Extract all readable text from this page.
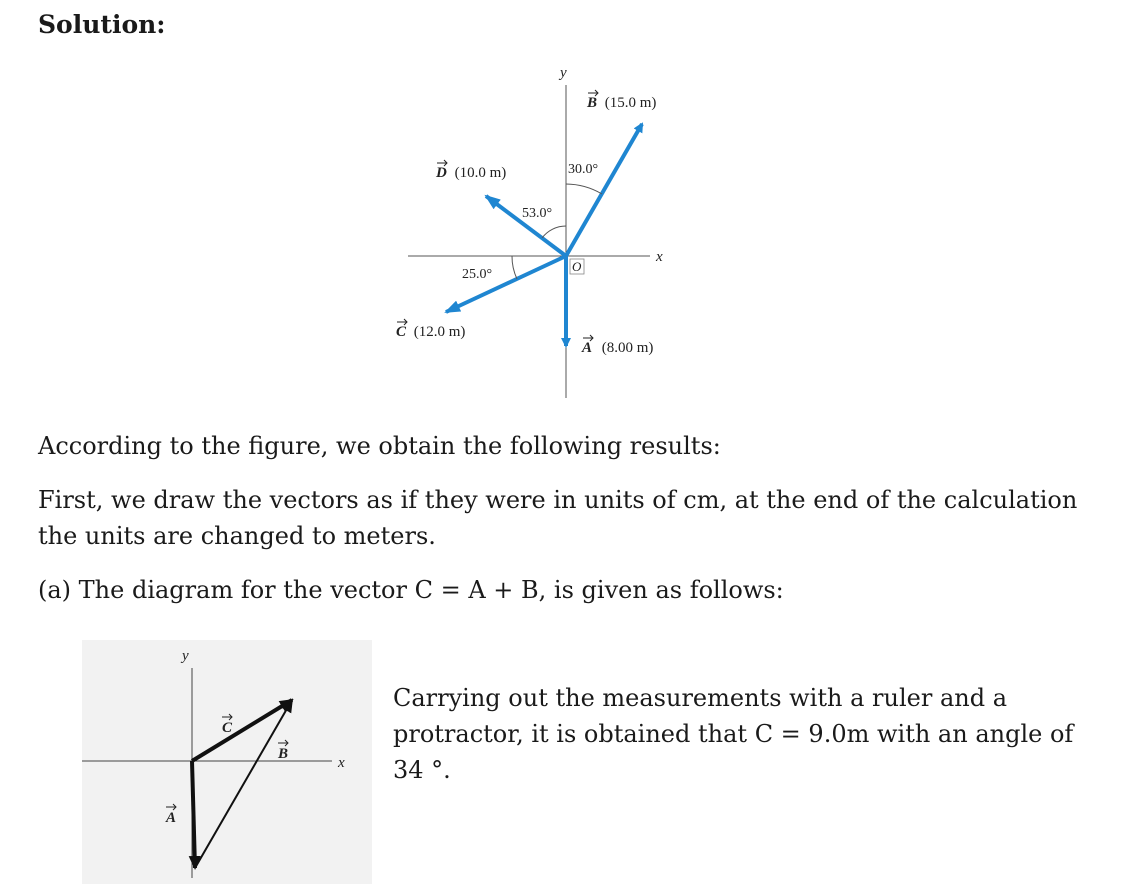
Solution:
y
x
O
30.0°
53.0°
25.0°
B (15.0 m)
D (10.0 m)
C (12.0 m)
A (8.00 m)
According to the figure, we obtain the following results:
First, we draw the vectors as if they were in units of cm, at the end of the calculation the units are changed to meters.
(a) The diagram for the vector C = A + B, is given as follows:
y
x
C
B
A
Carrying out the measurements with a ruler and a protractor, it is obtained that C = 9.0m with an angle of 34 °.
